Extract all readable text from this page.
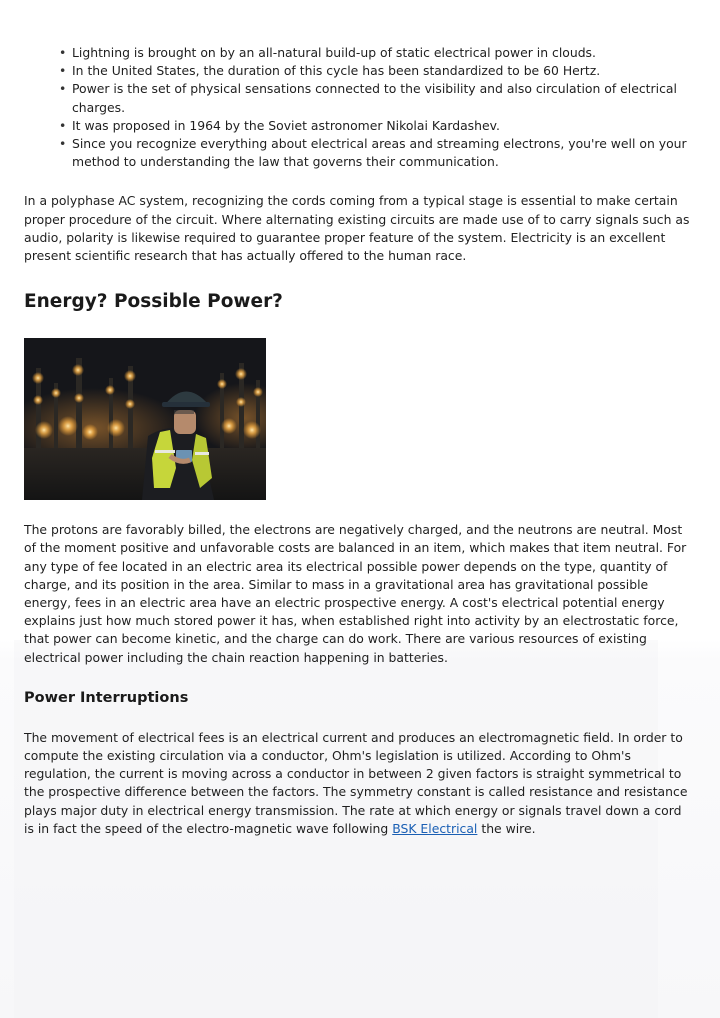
• Lightning is brought on by an all-natural build-up of static electrical power in clouds.
• In the United States, the duration of this cycle has been standardized to be 60 Hertz.
• Power is the set of physical sensations connected to the visibility and also circulation of electrical charges.
• It was proposed in 1964 by the Soviet astronomer Nikolai Kardashev.
• Since you recognize everything about electrical areas and streaming electrons, you're well on your method to understanding the law that governs their communication.

In a polyphase AC system, recognizing the cords coming from a typical stage is essential to make certain proper procedure of the circuit. Where alternating existing circuits are made use of to carry signals such as audio, polarity is likewise required to guarantee proper feature of the system. Electricity is an excellent present scientific research that has actually offered to the human race.

Energy? Possible Power?

The protons are favorably billed, the electrons are negatively charged, and the neutrons are neutral. Most of the moment positive and unfavorable costs are balanced in an item, which makes that item neutral. For any type of fee located in an electric area its electrical possible power depends on the type, quantity of charge, and its position in the area. Similar to mass in a gravitational area has gravitational possible energy, fees in an electric area have an electric prospective energy. A cost's electrical potential energy explains just how much stored power it has, when established right into activity by an electrostatic force, that power can become kinetic, and the charge can do work. There are various resources of existing electrical power including the chain reaction happening in batteries.

Power Interruptions

The movement of electrical fees is an electrical current and produces an electromagnetic field. In order to compute the existing circulation via a conductor, Ohm's legislation is utilized. According to Ohm's regulation, the current is moving across a conductor in between 2 given factors is straight symmetrical to the prospective difference between the factors. The symmetry constant is called resistance and resistance plays major duty in electrical energy transmission. The rate at which energy or signals travel down a cord is in fact the speed of the electro-magnetic wave following BSK Electrical the wire.
